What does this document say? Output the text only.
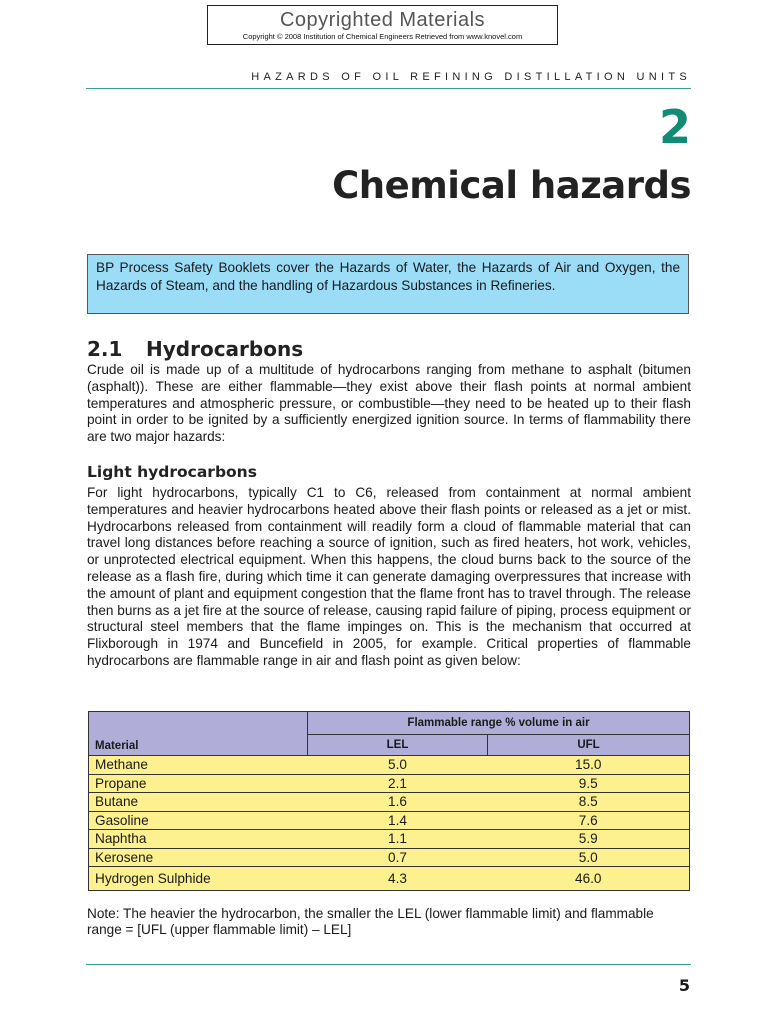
Copyrighted Materials
Copyright © 2008 Institution of Chemical Engineers Retrieved from www.knovel.com
HAZARDS OF OIL REFINING DISTILLATION UNITS
2
Chemical hazards
BP Process Safety Booklets cover the Hazards of Water, the Hazards of Air and Oxygen, the Hazards of Steam, and the handling of Hazardous Substances in Refineries.
2.1 Hydrocarbons

Crude oil is made up of a multitude of hydrocarbons ranging from methane to asphalt (bitumen (asphalt)). These are either flammable—they exist above their flash points at normal ambient temperatures and atmospheric pressure, or combustible—they need to be heated up to their flash point in order to be ignited by a sufficiently energized ignition source. In terms of flammability there are two major hazards:

Light hydrocarbons

For light hydrocarbons, typically C1 to C6, released from containment at normal ambient temperatures and heavier hydrocarbons heated above their flash points or released as a jet or mist. Hydrocarbons released from containment will readily form a cloud of flammable material that can travel long distances before reaching a source of ignition, such as fired heaters, hot work, vehicles, or unprotected electrical equipment. When this happens, the cloud burns back to the source of the release as a flash fire, during which time it can generate damaging overpressures that increase with the amount of plant and equipment congestion that the flame front has to travel through. The release then burns as a jet fire at the source of release, causing rapid failure of piping, process equipment or structural steel members that the flame impinges on. This is the mechanism that occurred at Flixborough in 1974 and Buncefield in 2005, for example. Critical properties of flammable hydrocarbons are flammable range in air and flash point as given below:

Material	Flammable range % volume in air	
	LEL	UFL
Methane	5.0	15.0
Propane	2.1	9.5
Butane	1.6	8.5
Gasoline	1.4	7.6
Naphtha	1.1	5.9
Kerosene	0.7	5.0
Hydrogen Sulphide	4.3	46.0
Note: The heavier the hydrocarbon, the smaller the LEL (lower flammable limit) and flammable range = [UFL (upper flammable limit) – LEL]
5
